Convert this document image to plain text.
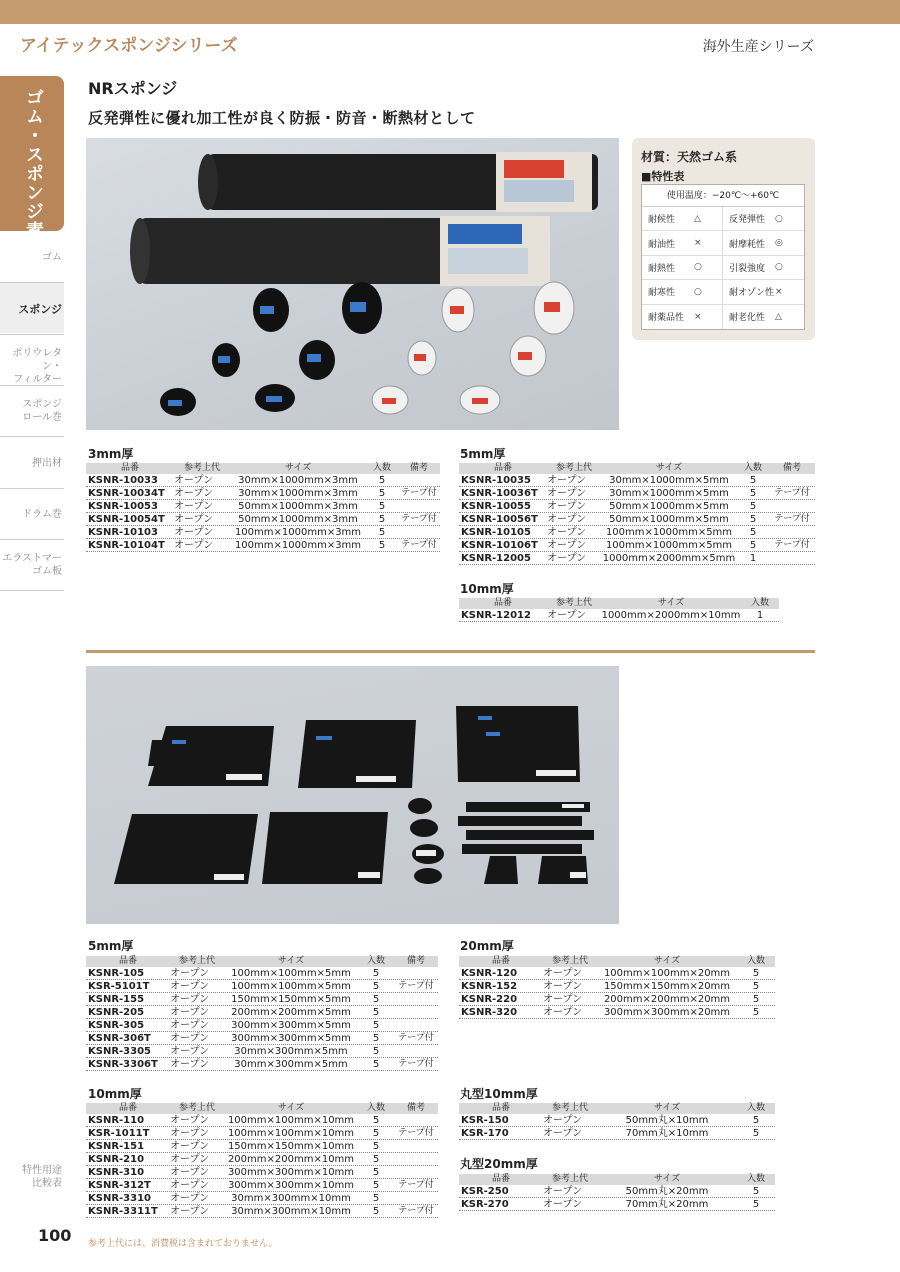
アイテックスポンジシリーズ	海外生産シリーズ
ゴム・スポンジ素材
ゴム
スポンジ
ポリウレタン・
フィルター
スポンジ
ロール巻
押出材
ドラム巻
エラストマー
ゴム板
特性用途
比較表
NRスポンジ
反発弾性に優れ加工性が良く防振・防音・断熱材として
材質：天然ゴム系
■特性表
使用温度：−20℃〜+60℃
耐候性	△	反発弾性	○
耐油性	×	耐摩耗性	◎
耐熱性	○	引裂強度	○
耐寒性	○	耐オゾン性 ×
耐薬品性	×	耐老化性	△
3mm厚
品番	参考上代	サイズ	入数	備考
KSNR-10033	オープン	30mm×1000mm×3mm	5
KSNR-10034T オープン	30mm×1000mm×3mm	5	テープ付
KSNR-10053	オープン	50mm×1000mm×3mm	5
KSNR-10054T オープン	50mm×1000mm×3mm	5	テープ付
KSNR-10103	オープン	100mm×1000mm×3mm	5
KSNR-10104T オープン	100mm×1000mm×3mm	5	テープ付
5mm厚
品番	参考上代	サイズ	入数	備考
KSNR-10035	オープン	30mm×1000mm×5mm	5
KSNR-10036T オープン	30mm×1000mm×5mm	5	テープ付
KSNR-10055	オープン	50mm×1000mm×5mm	5
KSNR-10056T オープン	50mm×1000mm×5mm	5	テープ付
KSNR-10105	オープン	100mm×1000mm×5mm	5
KSNR-10106T オープン	100mm×1000mm×5mm	5	テープ付
KSNR-12005	オープン	1000mm×2000mm×5mm	1
10mm厚
品番	参考上代	サイズ	入数
KSNR-12012	オープン	1000mm×2000mm×10mm	1
5mm厚
品番	参考上代	サイズ	入数	備考
KSNR-105	オープン	100mm×100mm×5mm	5
KSR-5101T	オープン	100mm×100mm×5mm	5	テープ付
KSNR-155	オープン	150mm×150mm×5mm	5
KSNR-205	オープン	200mm×200mm×5mm	5
KSNR-305	オープン	300mm×300mm×5mm	5
KSNR-306T	オープン	300mm×300mm×5mm	5	テープ付
KSNR-3305	オープン	30mm×300mm×5mm	5
KSNR-3306T	オープン	30mm×300mm×5mm	5	テープ付
20mm厚
品番	参考上代	サイズ	入数
KSNR-120	オープン	100mm×100mm×20mm	5
KSNR-152	オープン	150mm×150mm×20mm	5
KSNR-220	オープン	200mm×200mm×20mm	5
KSNR-320	オープン	300mm×300mm×20mm	5
10mm厚
品番	参考上代	サイズ	入数	備考
KSNR-110	オープン	100mm×100mm×10mm	5
KSR-1011T	オープン	100mm×100mm×10mm	5	テープ付
KSNR-151	オープン	150mm×150mm×10mm	5
KSNR-210	オープン	200mm×200mm×10mm	5
KSNR-310	オープン	300mm×300mm×10mm	5
KSNR-312T	オープン	300mm×300mm×10mm	5	テープ付
KSNR-3310	オープン	30mm×300mm×10mm	5
KSNR-3311T	オープン	30mm×300mm×10mm	5	テープ付
丸型10mm厚
品番	参考上代	サイズ	入数
KSR-150	オープン	50mm丸×10mm	5
KSR-170	オープン	70mm丸×10mm	5
丸型20mm厚
品番	参考上代	サイズ	入数
KSR-250	オープン	50mm丸×20mm	5
KSR-270	オープン	70mm丸×20mm	5
100 参考上代には、消費税は含まれておりません。
